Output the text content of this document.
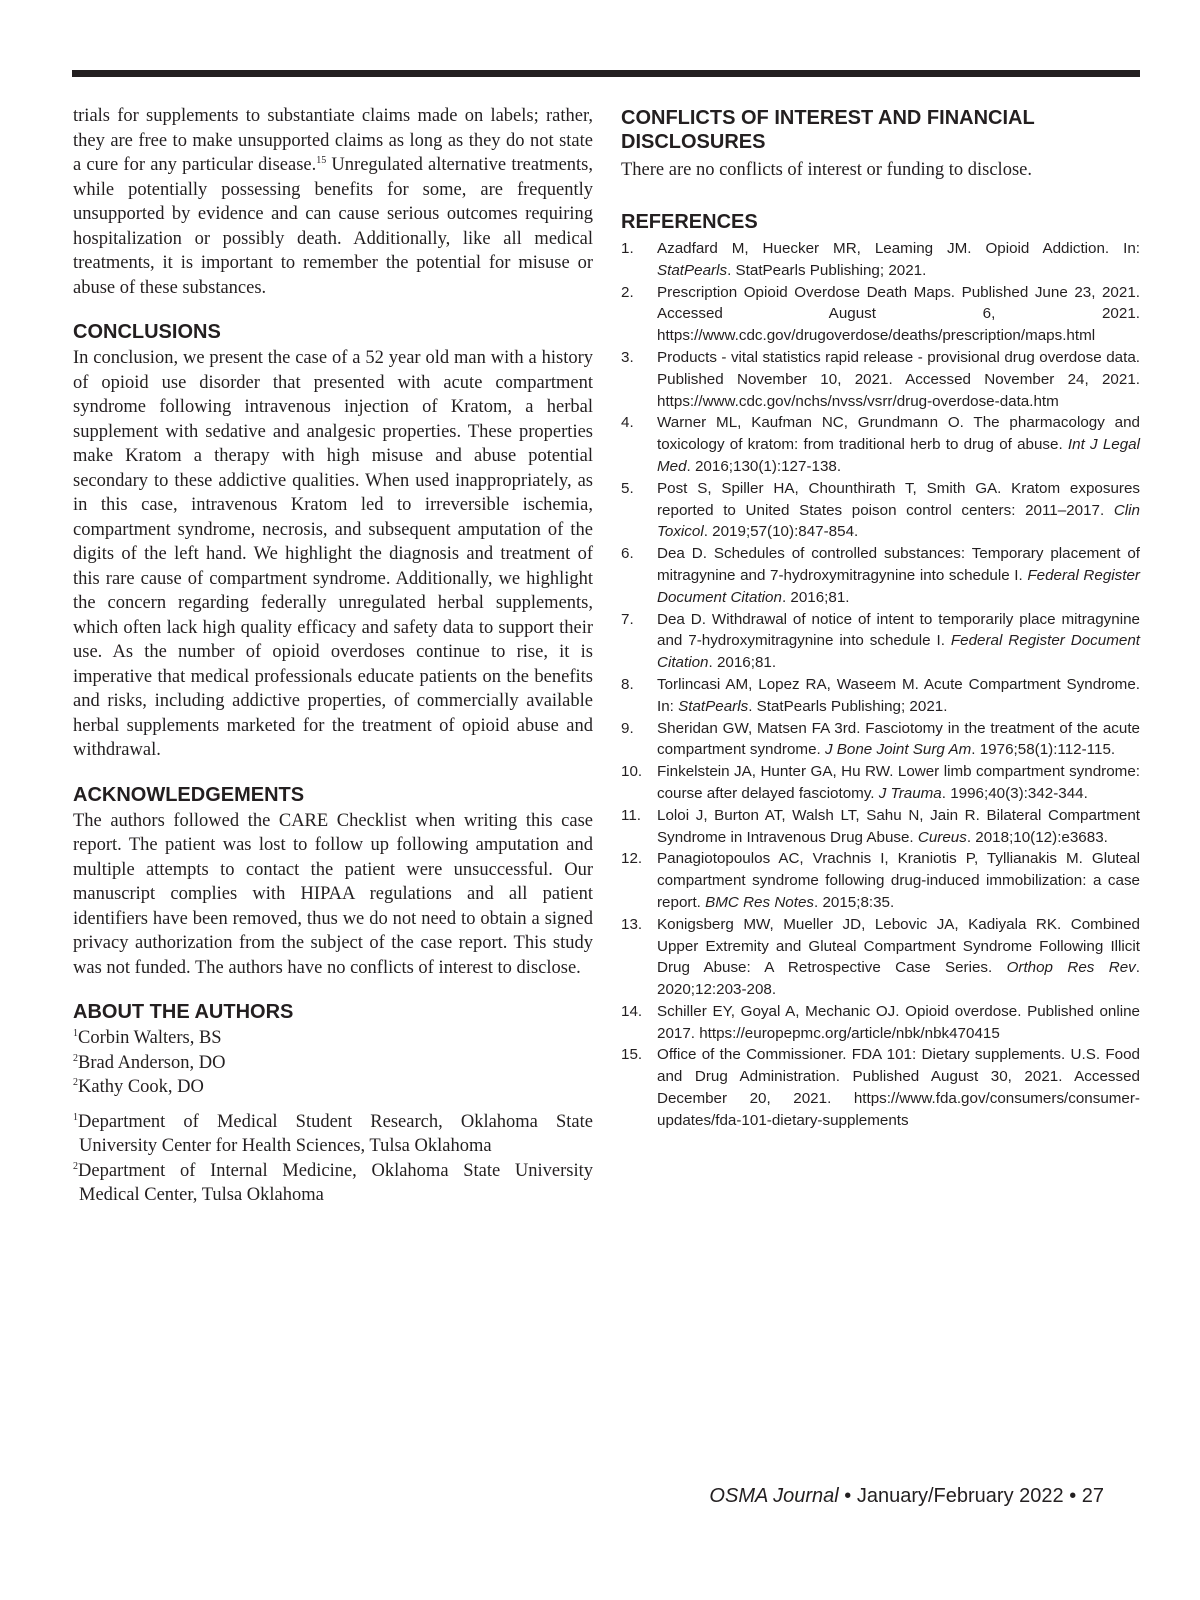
trials for supplements to substantiate claims made on labels; rather, they are free to make unsupported claims as long as they do not state a cure for any particular disease.$^{15}$ Unregulated alternative treatments, while potentially possessing benefits for some, are frequently unsupported by evidence and can cause serious outcomes requiring hospitalization or possibly death. Additionally, like all medical treatments, it is important to remember the potential for misuse or abuse of these substances.

CONCLUSIONS

In conclusion, we present the case of a 52 year old man with a history of opioid use disorder that presented with acute compartment syndrome following intravenous injection of Kratom, a herbal supplement with sedative and analgesic properties. These properties make Kratom a therapy with high misuse and abuse potential secondary to these addictive qualities. When used inappropriately, as in this case, intravenous Kratom led to irreversible ischemia, compartment syndrome, necrosis, and subsequent amputation of the digits of the left hand. We highlight the diagnosis and treatment of this rare cause of compartment syndrome. Additionally, we highlight the concern regarding federally unregulated herbal supplements, which often lack high quality efficacy and safety data to support their use. As the number of opioid overdoses continue to rise, it is imperative that medical professionals educate patients on the benefits and risks, including addictive properties, of commercially available herbal supplements marketed for the treatment of opioid abuse and withdrawal.

ACKNOWLEDGEMENTS

The authors followed the CARE Checklist when writing this case report. The patient was lost to follow up following amputation and multiple attempts to contact the patient were unsuccessful. Our manuscript complies with HIPAA regulations and all patient identifiers have been removed, thus we do not need to obtain a signed privacy authorization from the subject of the case report. This study was not funded. The authors have no conflicts of interest to disclose.

ABOUT THE AUTHORS

$^1$Corbin Walters, BS

$^2$Brad Anderson, DO

$^2$Kathy Cook, DO

$^1$Department of Medical Student Research, Oklahoma State University Center for Health Sciences, Tulsa Oklahoma

$^2$Department of Internal Medicine, Oklahoma State University Medical Center, Tulsa Oklahoma

CONFLICTS OF INTEREST AND FINANCIAL DISCLOSURES

There are no conflicts of interest or funding to disclose.

REFERENCES
1. Azadfard M, Huecker MR, Leaming JM. Opioid Addiction. In: StatPearls. StatPearls Publishing; 2021.
2. Prescription Opioid Overdose Death Maps. Published June 23, 2021. Accessed August 6, 2021. https://www.cdc.gov/drugoverdose/deaths/prescription/maps.html
3. Products - vital statistics rapid release - provisional drug overdose data. Published November 10, 2021. Accessed November 24, 2021. https://www.cdc.gov/nchs/nvss/vsrr/drug-overdose-data.htm
4. Warner ML, Kaufman NC, Grundmann O. The pharmacology and toxicology of kratom: from traditional herb to drug of abuse. Int J Legal Med. 2016;130(1):127-138.
5. Post S, Spiller HA, Chounthirath T, Smith GA. Kratom exposures reported to United States poison control centers: 2011–2017. Clin Toxicol. 2019;57(10):847-854.
6. Dea D. Schedules of controlled substances: Temporary placement of mitragynine and 7-hydroxymitragynine into schedule I. Federal Register Document Citation. 2016;81.
7. Dea D. Withdrawal of notice of intent to temporarily place mitragynine and 7-hydroxymitragynine into schedule I. Federal Register Document Citation. 2016;81.
8. Torlincasi AM, Lopez RA, Waseem M. Acute Compartment Syndrome. In: StatPearls. StatPearls Publishing; 2021.
9. Sheridan GW, Matsen FA 3rd. Fasciotomy in the treatment of the acute compartment syndrome. J Bone Joint Surg Am. 1976;58(1):112-115.
10. Finkelstein JA, Hunter GA, Hu RW. Lower limb compartment syndrome: course after delayed fasciotomy. J Trauma. 1996;40(3):342-344.
11. Loloi J, Burton AT, Walsh LT, Sahu N, Jain R. Bilateral Compartment Syndrome in Intravenous Drug Abuse. Cureus. 2018;10(12):e3683.
12. Panagiotopoulos AC, Vrachnis I, Kraniotis P, Tyllianakis M. Gluteal compartment syndrome following drug-induced immobilization: a case report. BMC Res Notes. 2015;8:35.
13. Konigsberg MW, Mueller JD, Lebovic JA, Kadiyala RK. Combined Upper Extremity and Gluteal Compartment Syndrome Following Illicit Drug Abuse: A Retrospective Case Series. Orthop Res Rev. 2020;12:203-208.
14. Schiller EY, Goyal A, Mechanic OJ. Opioid overdose. Published online 2017. https://europepmc.org/article/nbk/nbk470415
15. Office of the Commissioner. FDA 101: Dietary supplements. U.S. Food and Drug Administration. Published August 30, 2021. Accessed December 20, 2021. https://www.fda.gov/consumers/consumer-updates/fda-101-dietary-supplements
OSMA Journal • January/February 2022 • 27
